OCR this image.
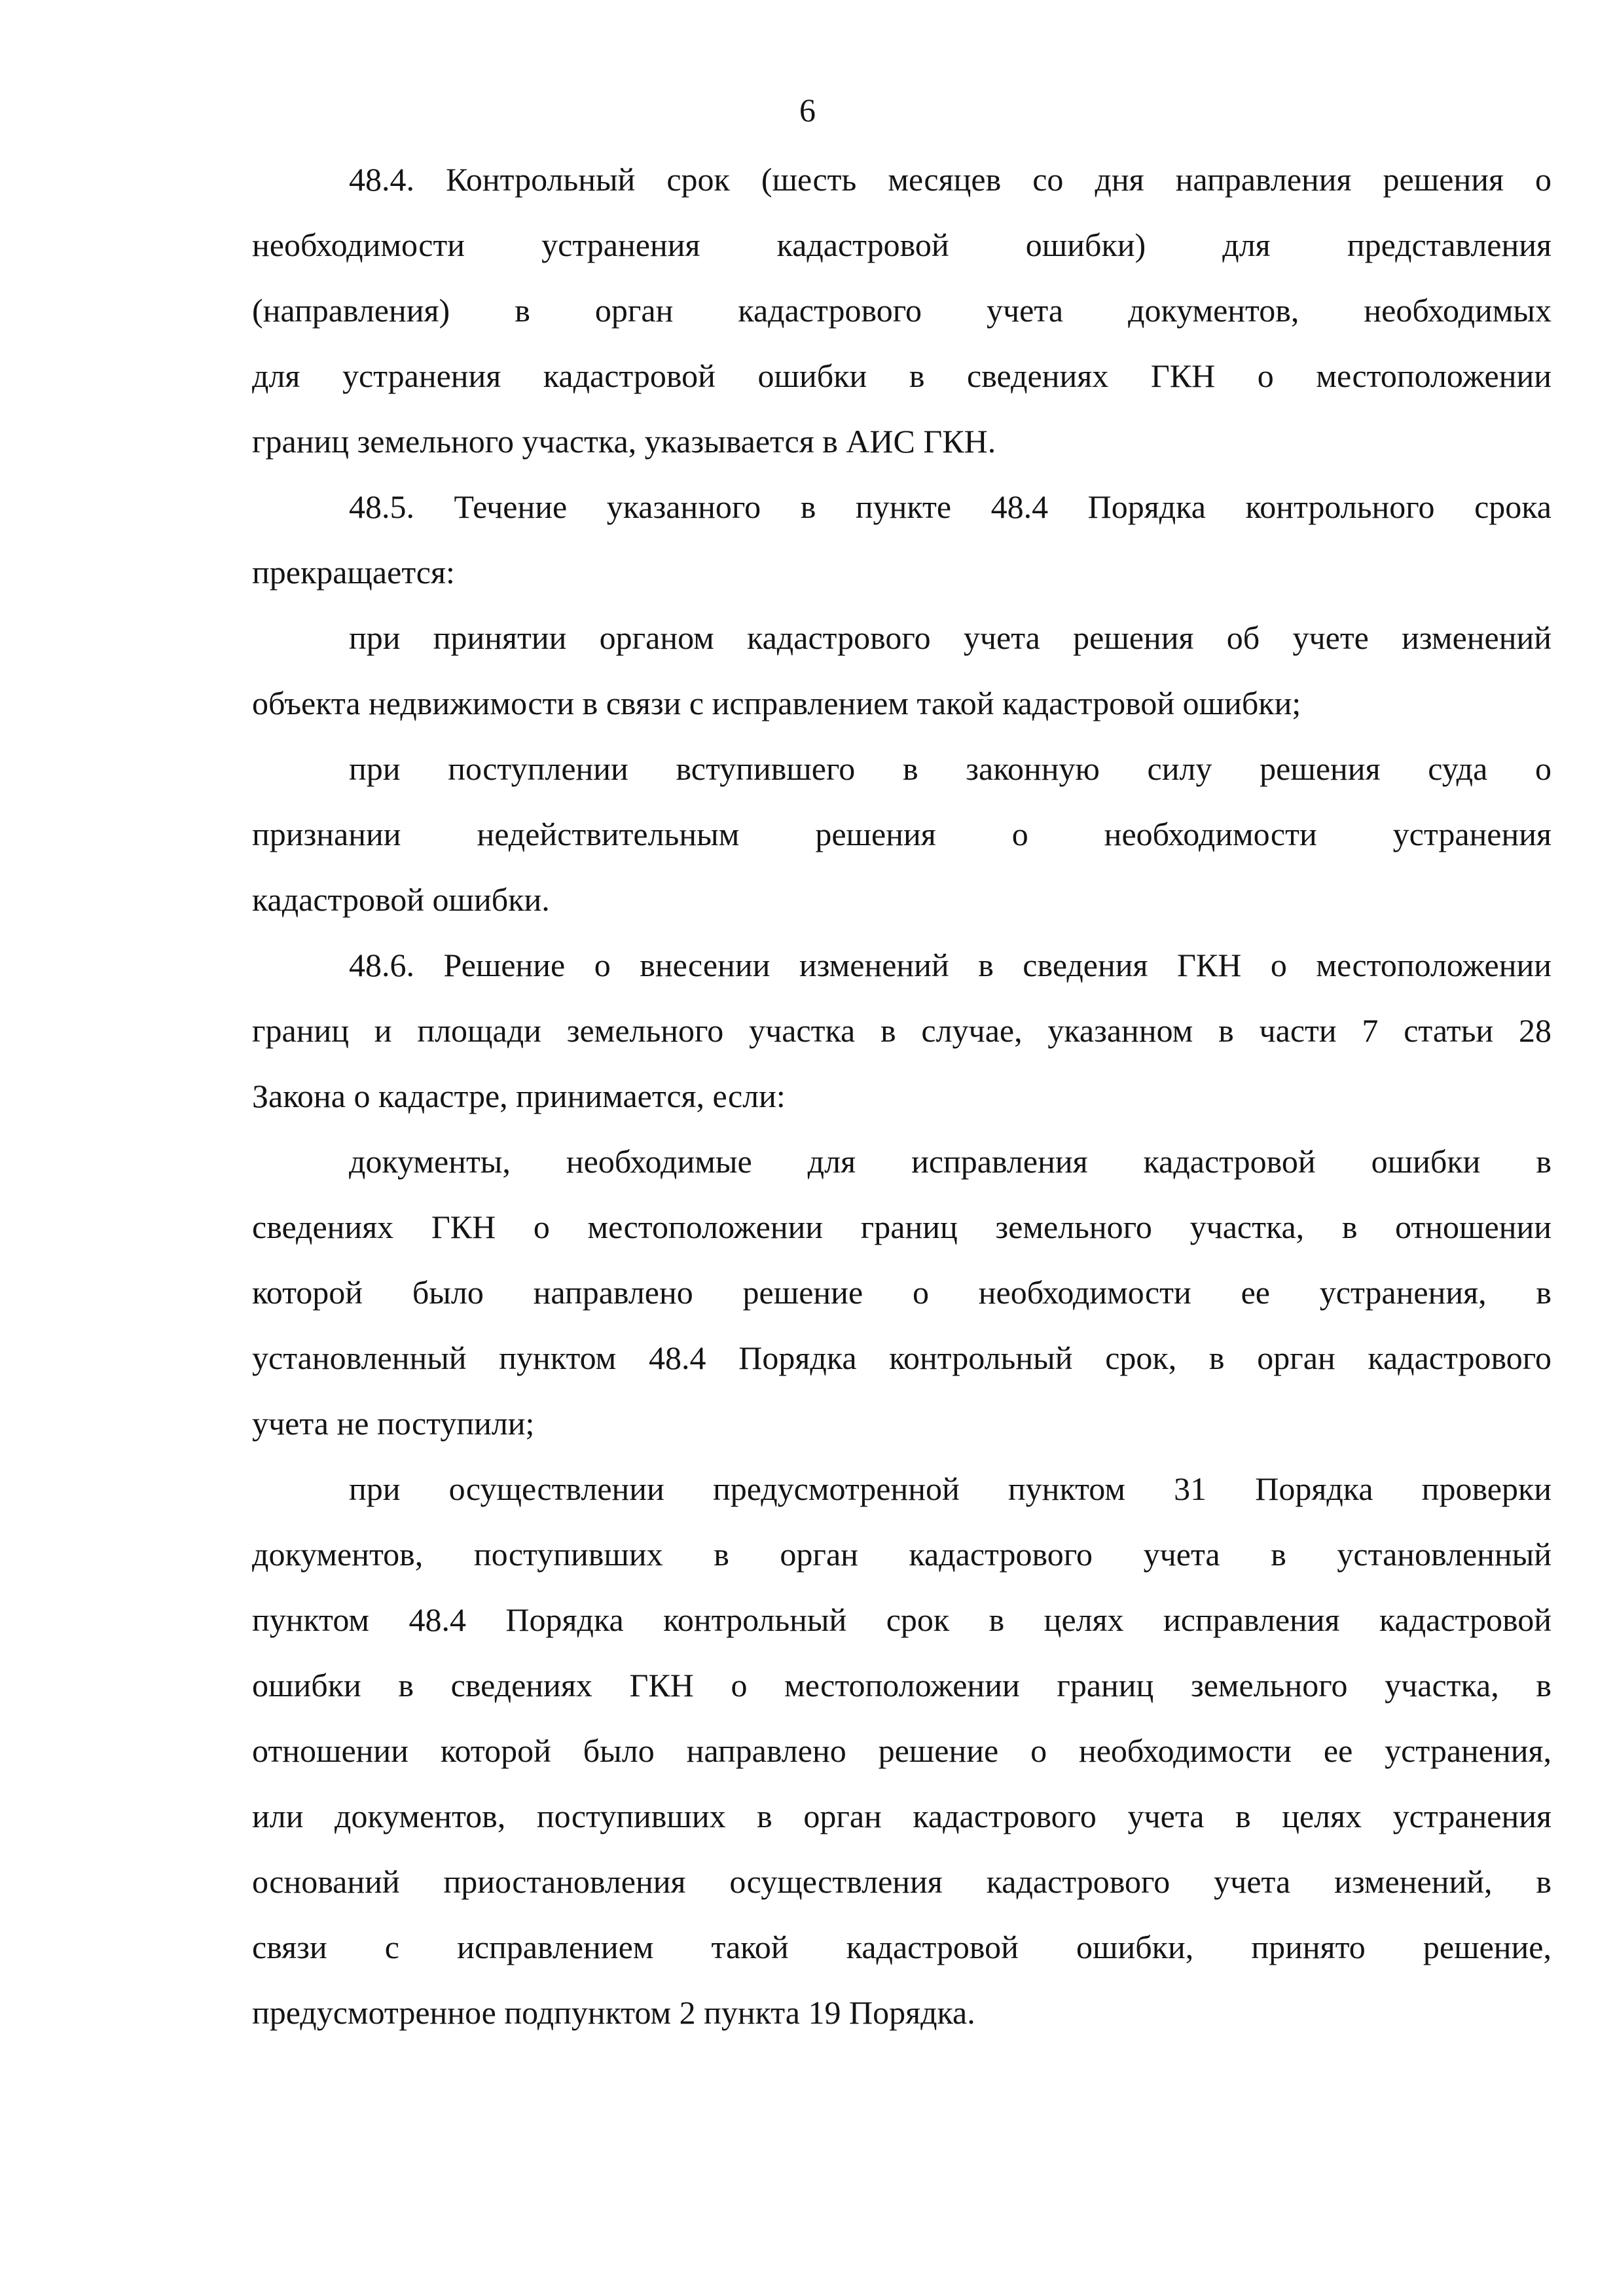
6

48.4. Контрольный срок (шесть месяцев со дня направления решения о
необходимости устранения кадастровой ошибки) для представления
(направления) в орган кадастрового учета документов, необходимых
для устранения кадастровой ошибки в сведениях ГКН о местоположении
границ земельного участка, указывается в АИС ГКН.

48.5. Течение указанного в пункте 48.4 Порядка контрольного срока
прекращается:

при принятии органом кадастрового учета решения об учете изменений
объекта недвижимости в связи с исправлением такой кадастровой ошибки;

при поступлении вступившего в законную силу решения суда о
признании недействительным решения о необходимости устранения
кадастровой ошибки.

48.6. Решение о внесении изменений в сведения ГКН о местоположении
границ и площади земельного участка в случае, указанном в части 7 статьи 28
Закона о кадастре, принимается, если:

документы, необходимые для исправления кадастровой ошибки в
сведениях ГКН о местоположении границ земельного участка, в отношении
которой было направлено решение о необходимости ее устранения, в
установленный пунктом 48.4 Порядка контрольный срок, в орган кадастрового
учета не поступили;

при осуществлении предусмотренной пунктом 31 Порядка проверки
документов, поступивших в орган кадастрового учета в установленный
пунктом 48.4 Порядка контрольный срок в целях исправления кадастровой
ошибки в сведениях ГКН о местоположении границ земельного участка, в
отношении которой было направлено решение о необходимости ее устранения,
или документов, поступивших в орган кадастрового учета в целях устранения
оснований приостановления осуществления кадастрового учета изменений, в
связи с исправлением такой кадастровой ошибки, принято решение,
предусмотренное подпунктом 2 пункта 19 Порядка.
